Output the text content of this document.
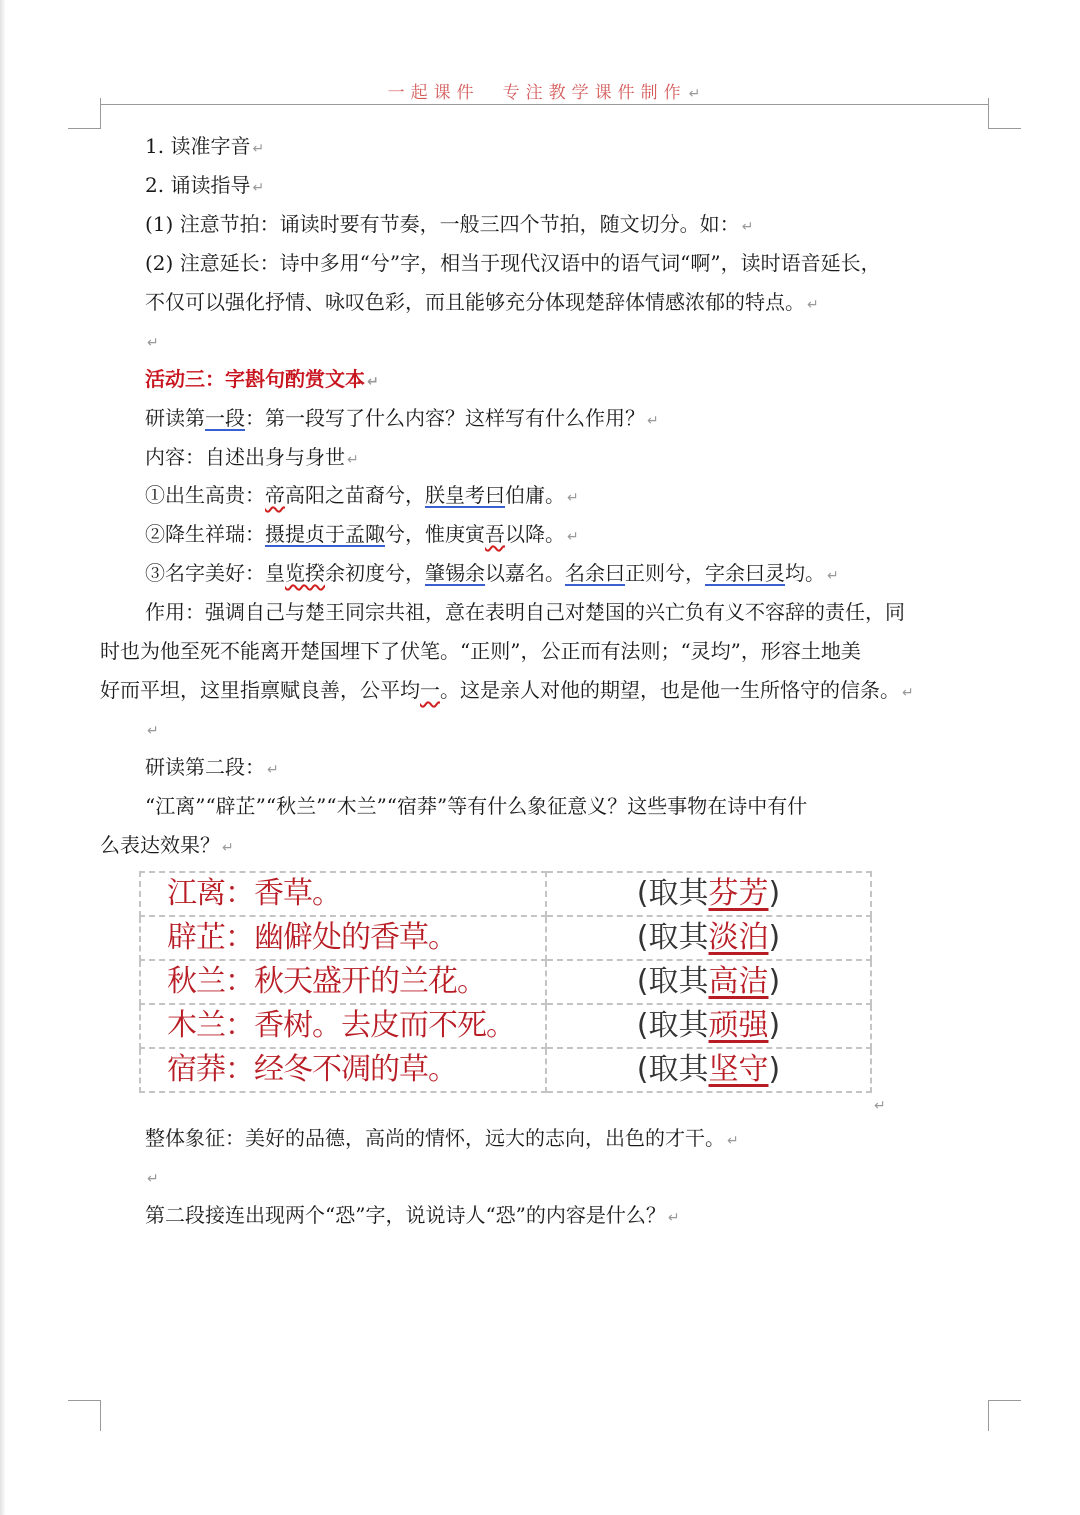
一起课件　专注教学课件制作 ↵
1. 读准字音 ↵
2. 诵读指导 ↵
(1) 注意节拍：诵读时要有节奏，一般三四个节拍，随文切分。如： ↵
(2) 注意延长：诗中多用“兮”字，相当于现代汉语中的语气词“啊”，读时语音延长，
不仅可以强化抒情、咏叹色彩，而且能够充分体现楚辞体情感浓郁的特点。 ↵
↵
活动三：字斟句酌赏文本 ↵
研读第一段：第一段写了什么内容？这样写有什么作用？ ↵
内容：自述出身与身世 ↵
①出生高贵：帝高阳之苗裔兮，朕皇考曰伯庸。 ↵
②降生祥瑞：摄提贞于孟陬兮，惟庚寅吾以降。 ↵
③名字美好：皇览揆余初度兮，肇锡余以嘉名。名余曰正则兮，字余曰灵均。 ↵
作用：强调自己与楚王同宗共祖，意在表明自己对楚国的兴亡负有义不容辞的责任，同
时也为他至死不能离开楚国埋下了伏笔。“正则”，公正而有法则；“灵均”，形容土地美
好而平坦，这里指禀赋良善，公平均一。这是亲人对他的期望，也是他一生所恪守的信条。 ↵
↵
研读第二段： ↵
“江离”“辟芷”“秋兰”“木兰”“宿莽”等有什么象征意义？这些事物在诗中有什
么表达效果？ ↵
江离：香草。	(取其芬芳)
辟芷：幽僻处的香草。	(取其淡泊)
秋兰：秋天盛开的兰花。	(取其高洁)
木兰：香树。去皮而不死。	(取其顽强)
宿莽：经冬不凋的草。	(取其坚守)
↵
整体象征：美好的品德，高尚的情怀，远大的志向，出色的才干。 ↵
↵
第二段接连出现两个“恐”字，说说诗人“恐”的内容是什么？ ↵
